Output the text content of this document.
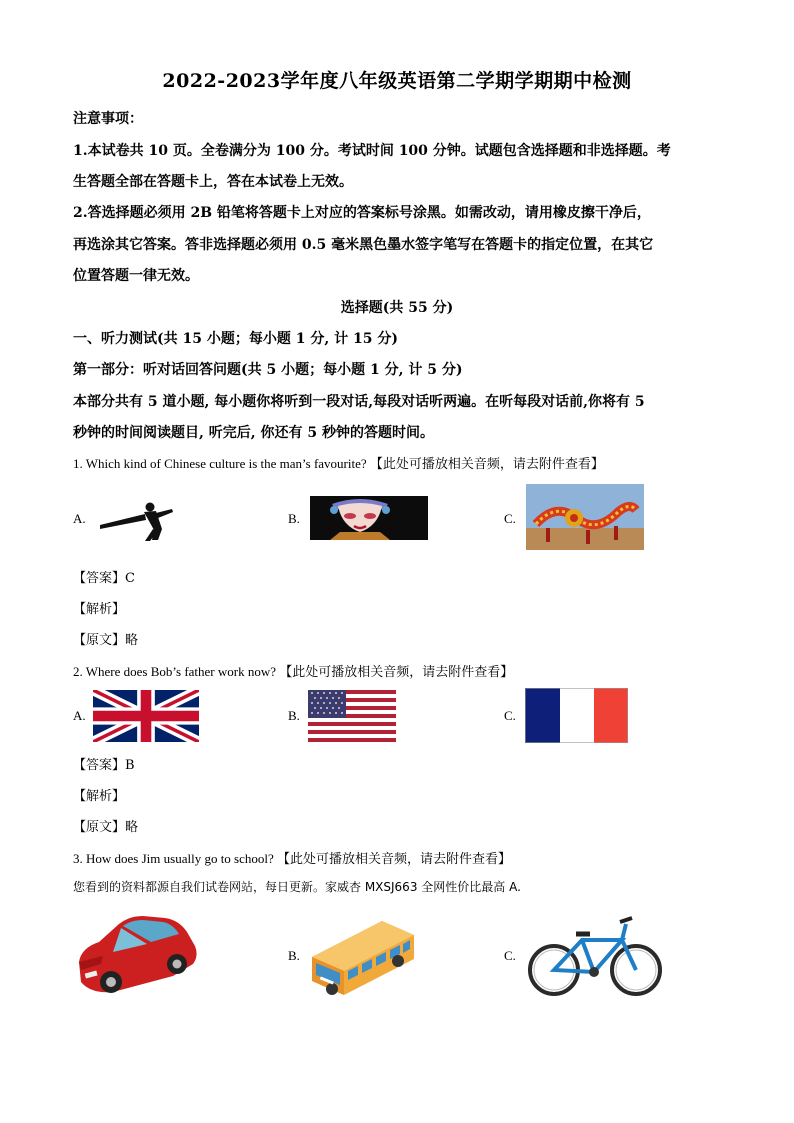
2022-2023学年度八年级英语第二学期学期期中检测
注意事项：
1.本试卷共 10 页。全卷满分为 100 分。考试时间 100 分钟。试题包含选择题和非选择题。考
生答题全部在答题卡上，答在本试卷上无效。
2.答选择题必须用 2B 铅笔将答题卡上对应的答案标号涂黑。如需改动，请用橡皮擦干净后，
再选涂其它答案。答非选择题必须用 0.5 毫米黑色墨水签字笔写在答题卡的指定位置，在其它
位置答题一律无效。
选择题(共 55 分)
一、听力测试(共 15 小题；每小题 1 分, 计 15 分)
第一部分：听对话回答问题(共 5 小题；每小题 1 分, 计 5 分)
本部分共有 5 道小题, 每小题你将听到一段对话,每段对话听两遍。在听每段对话前,你将有 5
秒钟的时间阅读题目, 听完后, 你还有 5 秒钟的答题时间。
1. Which kind of Chinese culture is the man’s favourite? 【此处可播放相关音频，请去附件查看】
A.	B.	C.
【答案】C
【解析】
【原文】略
2. Where does Bob’s father work now? 【此处可播放相关音频，请去附件查看】
A.	B.	C.
【答案】B
【解析】
【原文】略
3. How does Jim usually go to school? 【此处可播放相关音频，请去附件查看】
您看到的资料都源自我们试卷网站，每日更新。家威杏 MXSJ663 全网性价比最高 A.
B.	C.
